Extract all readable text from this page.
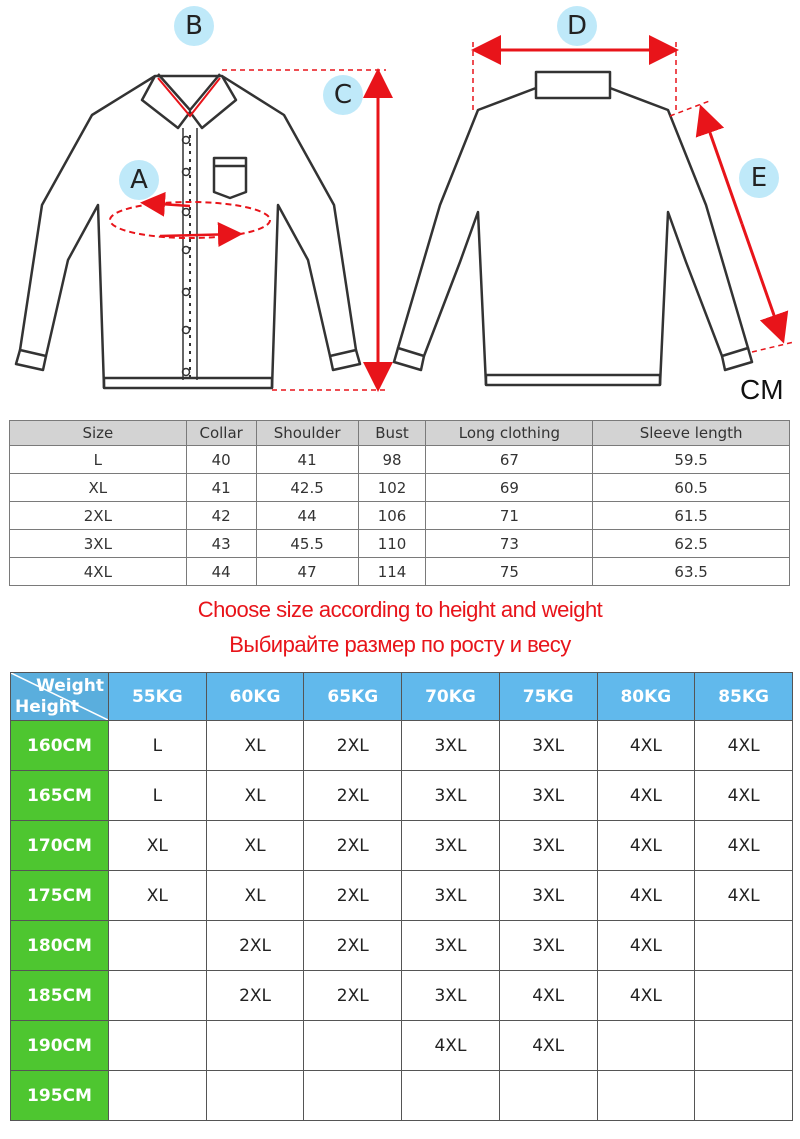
A
B
C
D
E
CM
Size	Collar	Shoulder	Bust	Long clothing	Sleeve length
L	40	41	98	67	59.5
XL	41	42.5	102	69	60.5
2XL	42	44	106	71	61.5
3XL	43	45.5	110	73	62.5
4XL	44	47	114	75	63.5
Choose size according to height and weight
Выбирайте размер по росту и весу
Weight
Height	55KG	60KG	65KG	70KG	75KG	80KG	85KG
160CM	L	XL	2XL	3XL	3XL	4XL	4XL
165CM	L	XL	2XL	3XL	3XL	4XL	4XL
170CM	XL	XL	2XL	3XL	3XL	4XL	4XL
175CM	XL	XL	2XL	3XL	3XL	4XL	4XL
180CM		2XL	2XL	3XL	3XL	4XL	
185CM		2XL	2XL	3XL	4XL	4XL	
190CM				4XL	4XL		
195CM							
